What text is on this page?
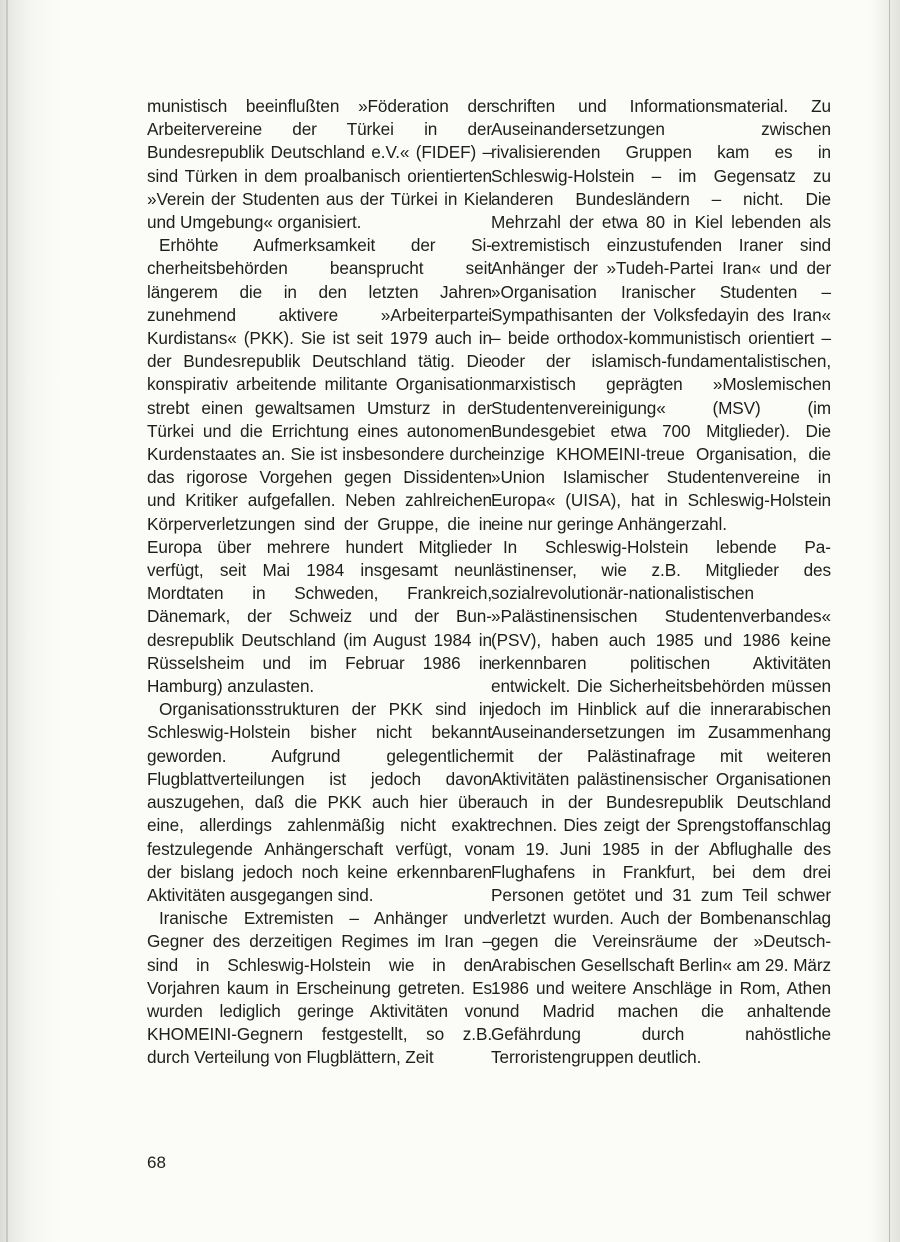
munistisch beeinflußten »Föderation der Arbeitervereine der Türkei in der Bundesrepublik Deutschland e.V.« (FIDEF) – sind Türken in dem proalbanisch orientierten »Verein der Studenten aus der Türkei in Kiel und Umgebung« organisiert.

Erhöhte Aufmerksamkeit der Sicherheitsbehörden beansprucht seit längerem die in den letzten Jahren zunehmend aktivere »Arbeiterpartei Kurdistans« (PKK). Sie ist seit 1979 auch in der Bundesrepublik Deutschland tätig. Die konspirativ arbeitende militante Organisation strebt einen gewaltsamen Umsturz in der Türkei und die Errichtung eines autonomen Kurdenstaates an. Sie ist insbesondere durch das rigorose Vorgehen gegen Dissidenten und Kritiker aufgefallen. Neben zahlreichen Körperverletzungen sind der Gruppe, die in Europa über mehrere hundert Mitglieder verfügt, seit Mai 1984 insgesamt neun Mordtaten in Schweden, Frankreich, Dänemark, der Schweiz und der Bundesrepublik Deutschland (im August 1984 in Rüsselsheim und im Februar 1986 in Hamburg) anzulasten.

Organisationsstrukturen der PKK sind in Schleswig-Holstein bisher nicht bekannt geworden. Aufgrund gelegentlicher Flugblattverteilungen ist jedoch davon auszugehen, daß die PKK auch hier über eine, allerdings zahlenmäßig nicht exakt festzulegende Anhängerschaft verfügt, von der bislang jedoch noch keine erkennbaren Aktivitäten ausgegangen sind.

Iranische Extremisten – Anhänger und Gegner des derzeitigen Regimes im Iran – sind in Schleswig-Holstein wie in den Vorjahren kaum in Erscheinung getreten. Es wurden lediglich geringe Aktivitäten von KHOMEINI-Gegnern festgestellt, so z.B. durch Verteilung von Flugblättern, Zeit

schriften und Informationsmaterial. Zu Auseinandersetzungen zwischen rivalisierenden Gruppen kam es in Schleswig-Holstein – im Gegensatz zu anderen Bundesländern – nicht. Die Mehrzahl der etwa 80 in Kiel lebenden als extremistisch einzustufenden Iraner sind Anhänger der »Tudeh-Partei Iran« und der »Organisation Iranischer Studenten – Sympathisanten der Volksfedayin des Iran« – beide orthodox-kommunistisch orientiert – oder der islamisch-fundamentalistischen, marxistisch geprägten »Moslemischen Studentenvereinigung« (MSV) (im Bundesgebiet etwa 700 Mitglieder). Die einzige KHOMEINI-treue Organisation, die »Union Islamischer Studentenvereine in Europa« (UISA), hat in Schleswig-Holstein eine nur geringe Anhängerzahl.

In Schleswig-Holstein lebende Palästinenser, wie z.B. Mitglieder des sozialrevolutionär-nationalistischen »Palästinensischen Studentenverbandes« (PSV), haben auch 1985 und 1986 keine erkennbaren politischen Aktivitäten entwickelt. Die Sicherheitsbehörden müssen jedoch im Hinblick auf die innerarabischen Auseinandersetzungen im Zusammenhang mit der Palästinafrage mit weiteren Aktivitäten palästinensischer Organisationen auch in der Bundesrepublik Deutschland rechnen. Dies zeigt der Sprengstoffanschlag am 19. Juni 1985 in der Abflughalle des Flughafens in Frankfurt, bei dem drei Personen getötet und 31 zum Teil schwer verletzt wurden. Auch der Bombenanschlag gegen die Vereinsräume der »Deutsch-Arabischen Gesellschaft Berlin« am 29. März 1986 und weitere Anschläge in Rom, Athen und Madrid machen die anhaltende Gefährdung durch nahöstliche Terroristengruppen deutlich.

68
